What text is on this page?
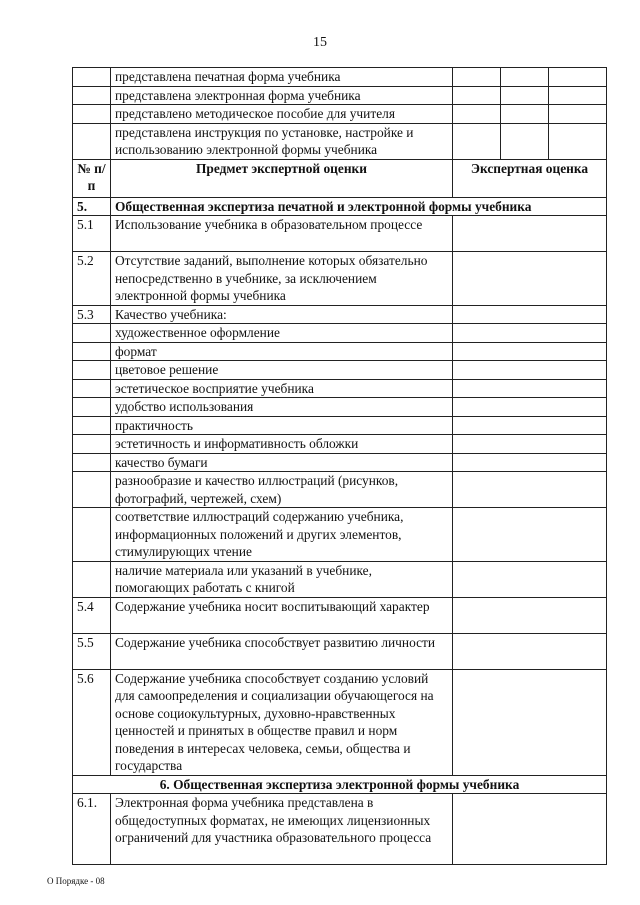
15
	представлена печатная форма учебника			
	представлена электронная форма учебника			
	представлено методическое пособие для учителя			
	представлена инструкция по установке, настройке и использованию электронной формы учебника			
№ п/п	Предмет экспертной оценки	Экспертная оценка		
5.	Общественная экспертиза печатной и электронной формы учебника			
5.1	Использование учебника в образовательном процессе			
5.2	Отсутствие заданий, выполнение которых обязательно непосредственно в учебнике, за исключением электронной формы учебника			
5.3	Качество учебника:			
	художественное оформление			
	формат			
	цветовое решение			
	эстетическое восприятие учебника			
	удобство использования			
	практичность			
	эстетичность и информативность обложки			
	качество бумаги			
	разнообразие и качество иллюстраций (рисунков, фотографий, чертежей, схем)			
	соответствие иллюстраций содержанию учебника, информационных положений и других элементов, стимулирующих чтение			
	наличие материала или указаний в учебнике, помогающих работать с книгой			
5.4	Содержание учебника носит воспитывающий характер			
5.5	Содержание учебника способствует развитию личности			
5.6	Содержание учебника способствует созданию условий для самоопределения и социализации обучающегося на основе социокультурных, духовно-нравственных ценностей и принятых в обществе правил и норм поведения в интересах человека, семьи, общества и государства			
6. Общественная экспертиза электронной формы учебника				
6.1.	Электронная форма учебника представлена в общедоступных форматах, не имеющих лицензионных ограничений для участника образовательного процесса			
О Порядке - 08
